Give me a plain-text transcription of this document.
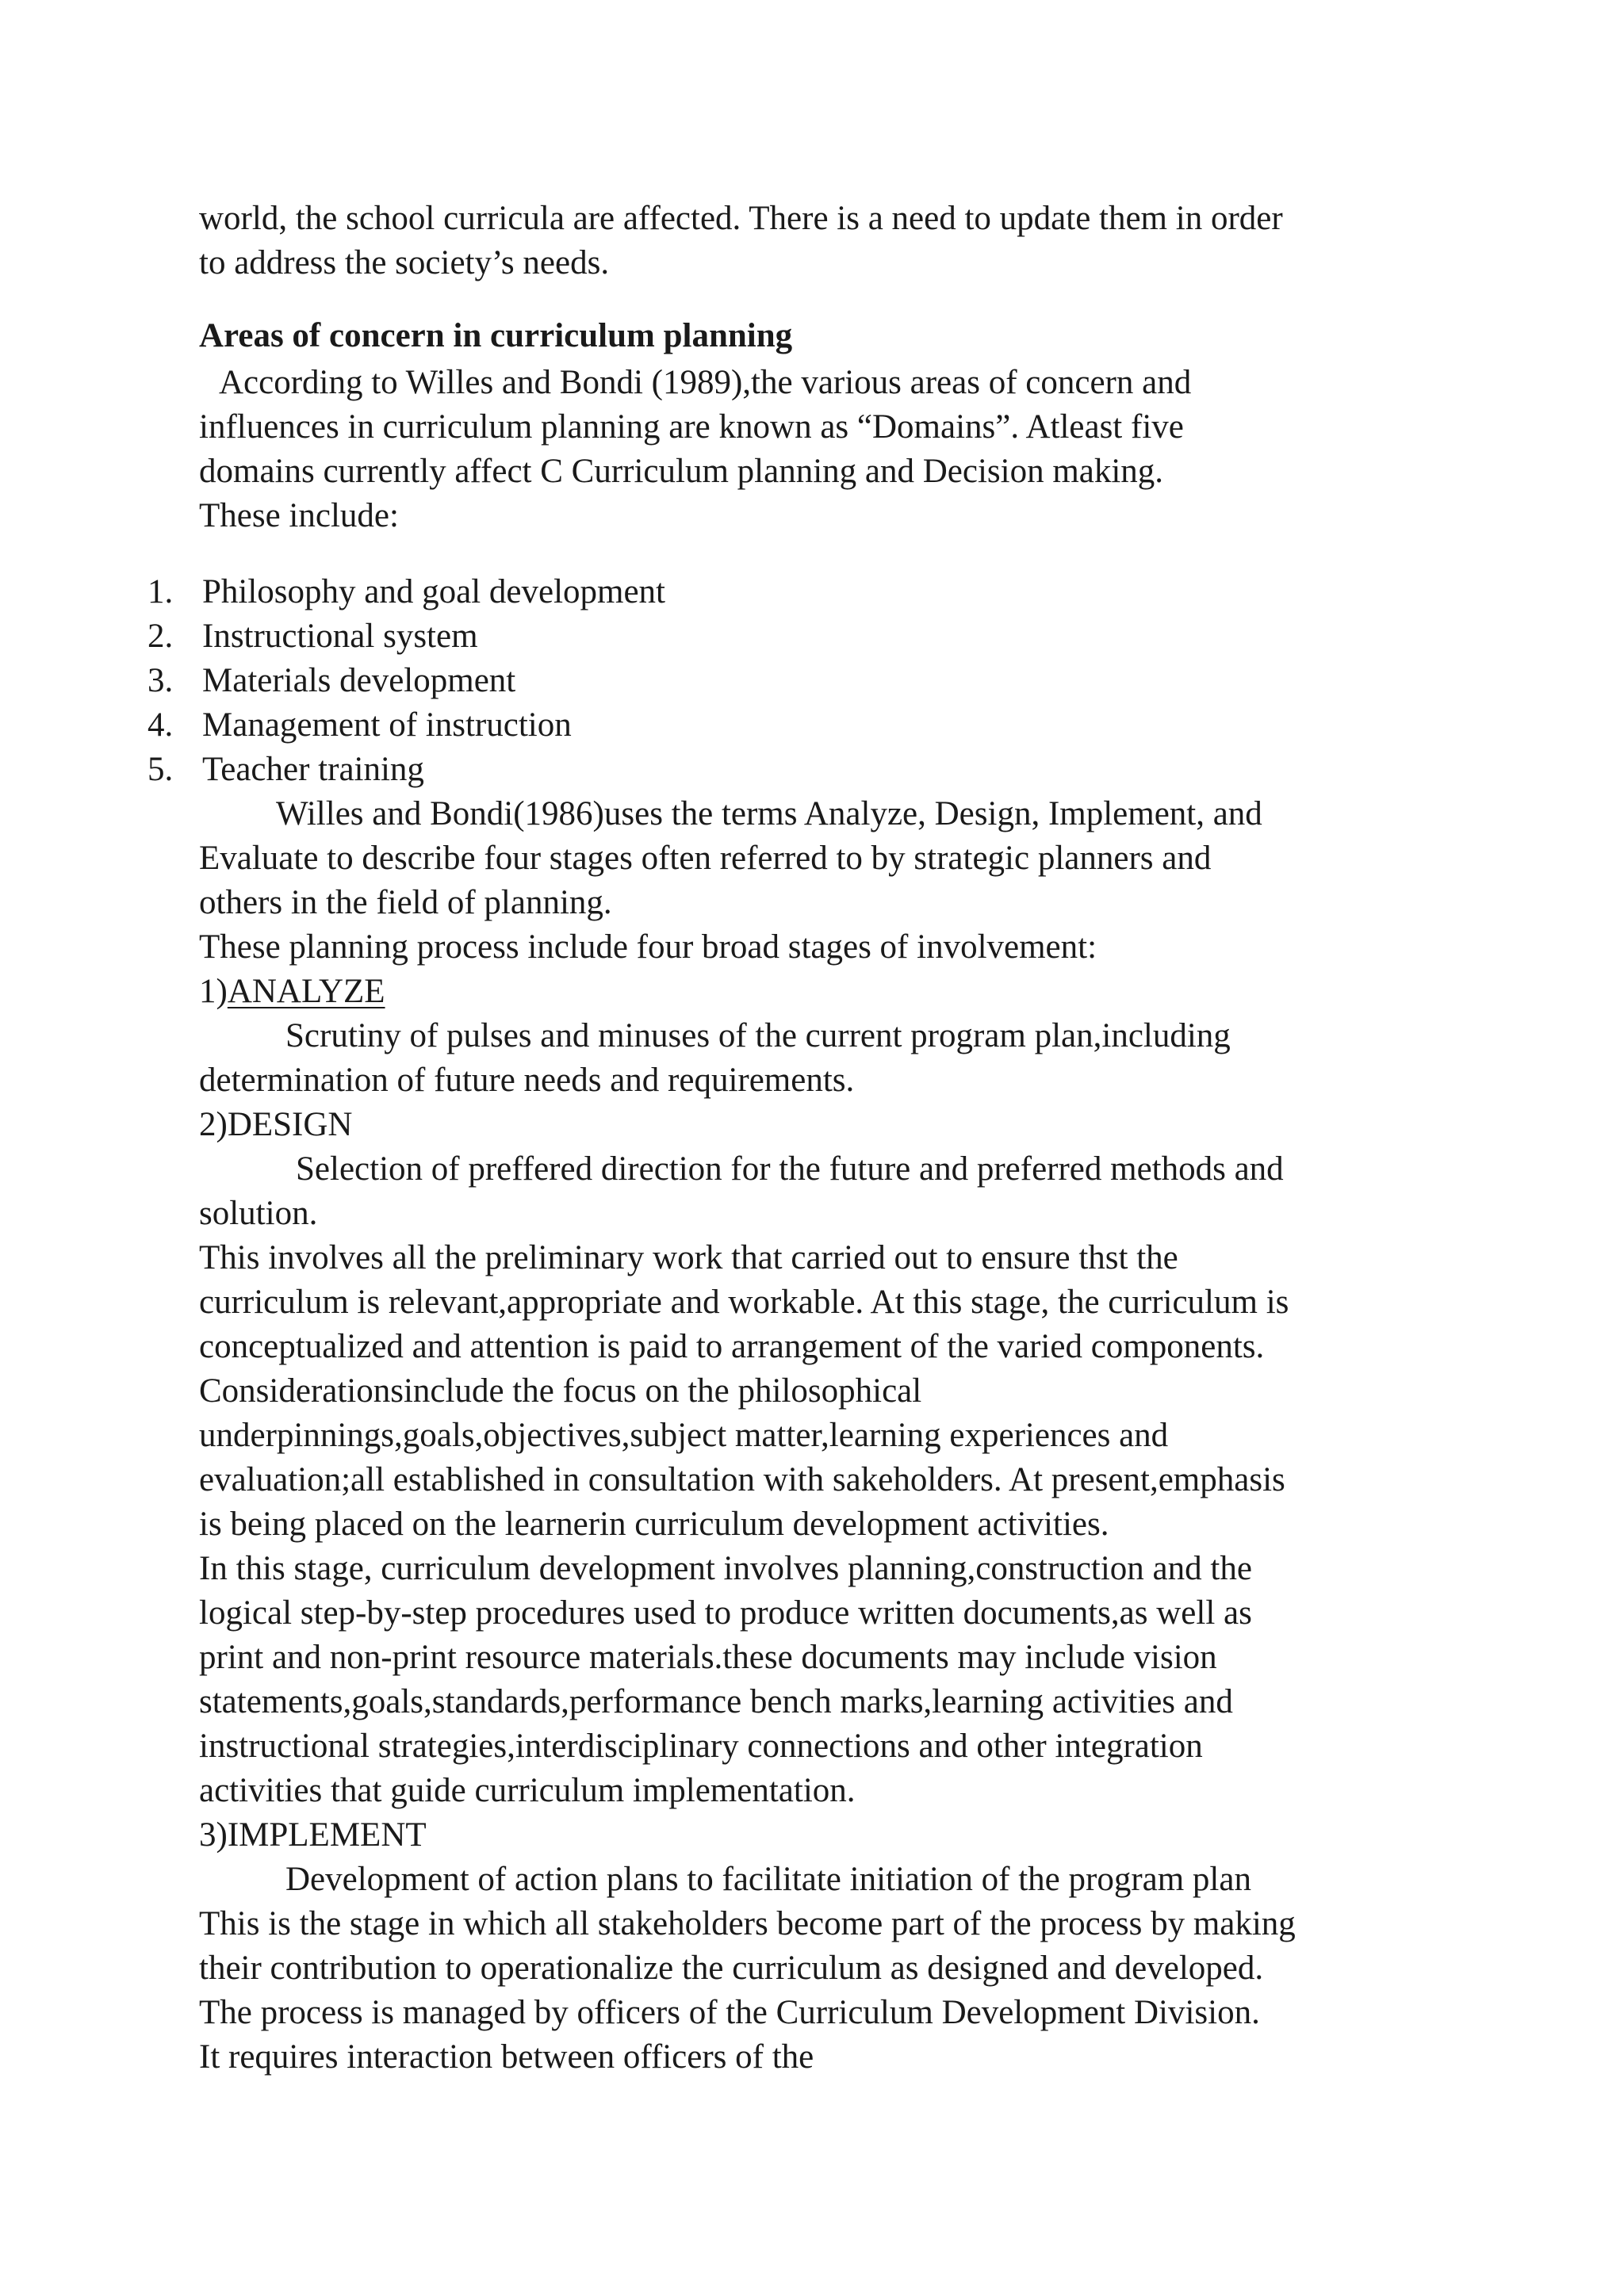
world, the school curricula are affected. There is a need to update them in order
to address the society’s needs.
Areas of concern in curriculum planning
According to Willes and Bondi (1989),the various areas of concern and
influences in curriculum planning are known as “Domains”. Atleast five
domains currently affect C Curriculum planning and Decision making.
These include:
1. Philosophy and goal development
2. Instructional system
3. Materials development
4. Management of instruction
5. Teacher training
Willes and Bondi(1986)uses the terms Analyze, Design, Implement, and
Evaluate to describe four stages often referred to by strategic planners and
others in the field of planning.
These planning process include four broad stages of involvement:
1)ANALYZE
Scrutiny of pulses and minuses of the current program plan,including
determination of future needs and requirements.
2)DESIGN
Selection of preffered direction for the future and preferred methods and
solution.
This involves all the preliminary work that carried out to ensure thst the
curriculum is relevant,appropriate and workable. At this stage, the curriculum is
conceptualized and attention is paid to arrangement of the varied components.
Considerationsinclude the focus on the philosophical
underpinnings,goals,objectives,subject matter,learning experiences and
evaluation;all established in consultation with sakeholders. At present,emphasis
is being placed on the learnerin curriculum development activities.
In this stage, curriculum development involves planning,construction and the
logical step-by-step procedures used to produce written documents,as well as
print and non-print resource materials.these documents may include vision
statements,goals,standards,performance bench marks,learning activities and
instructional strategies,interdisciplinary connections and other integration
activities that guide curriculum implementation.
3)IMPLEMENT
Development of action plans to facilitate initiation of the program plan
This is the stage in which all stakeholders become part of the process by making
their contribution to operationalize the curriculum as designed and developed.
The process is managed by officers of the Curriculum Development Division.
It requires interaction between officers of the
